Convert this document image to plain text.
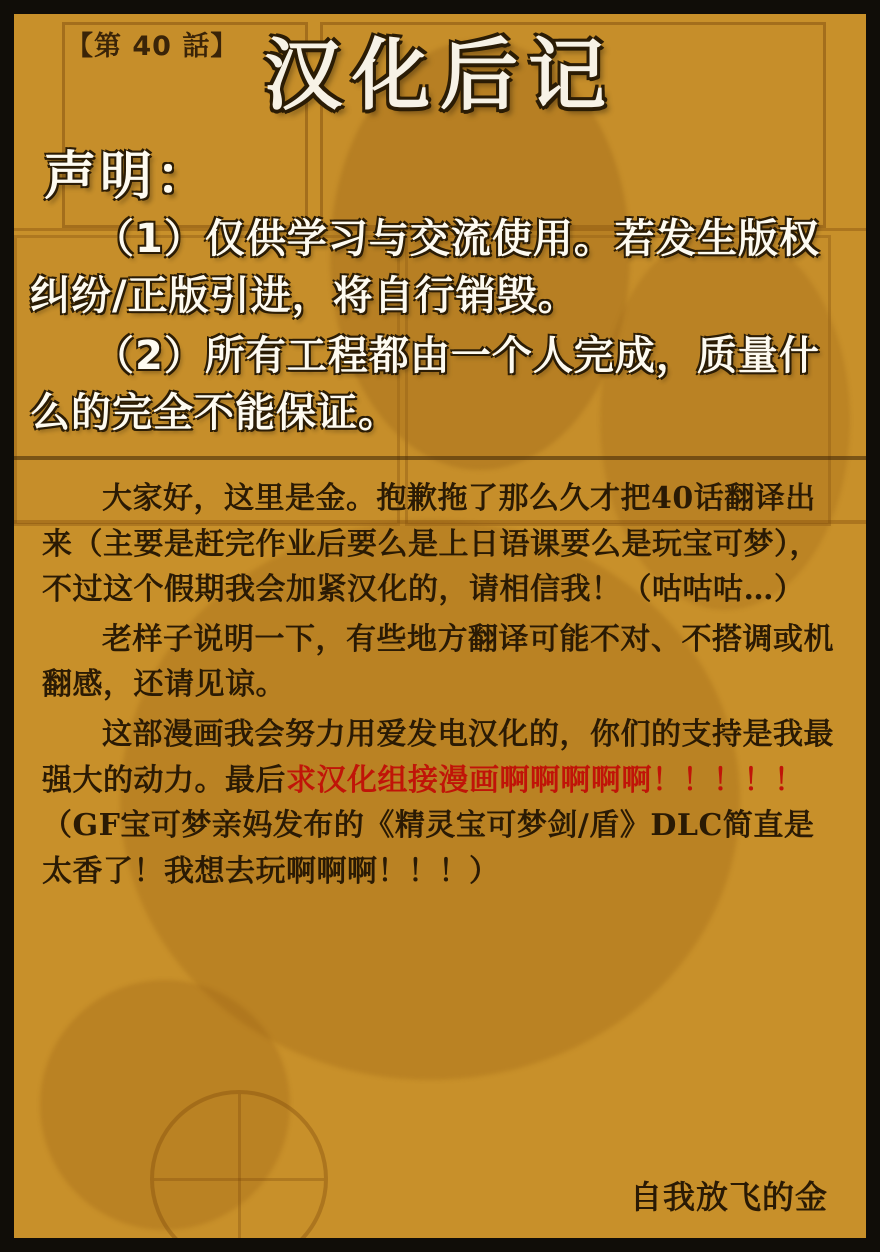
【第 40 話】 汉化后记
声明：
（1）仅供学习与交流使用。若发生版权纠纷/正版引进，将自行销毁。
（2）所有工程都由一个人完成，质量什么的完全不能保证。

大家好，这里是金。抱歉拖了那么久才把40话翻译出来（主要是赶完作业后要么是上日语课要么是玩宝可梦），不过这个假期我会加紧汉化的，请相信我！（咕咕咕…）

老样子说明一下，有些地方翻译可能不对、不搭调或机翻感，还请见谅。

这部漫画我会努力用爱发电汉化的，你们的支持是我最强大的动力。最后求汉化组接漫画啊啊啊啊啊！！！！！（GF宝可梦亲妈发布的《精灵宝可梦剑/盾》DLC简直是太香了！我想去玩啊啊啊！！！）

自我放飞的金
